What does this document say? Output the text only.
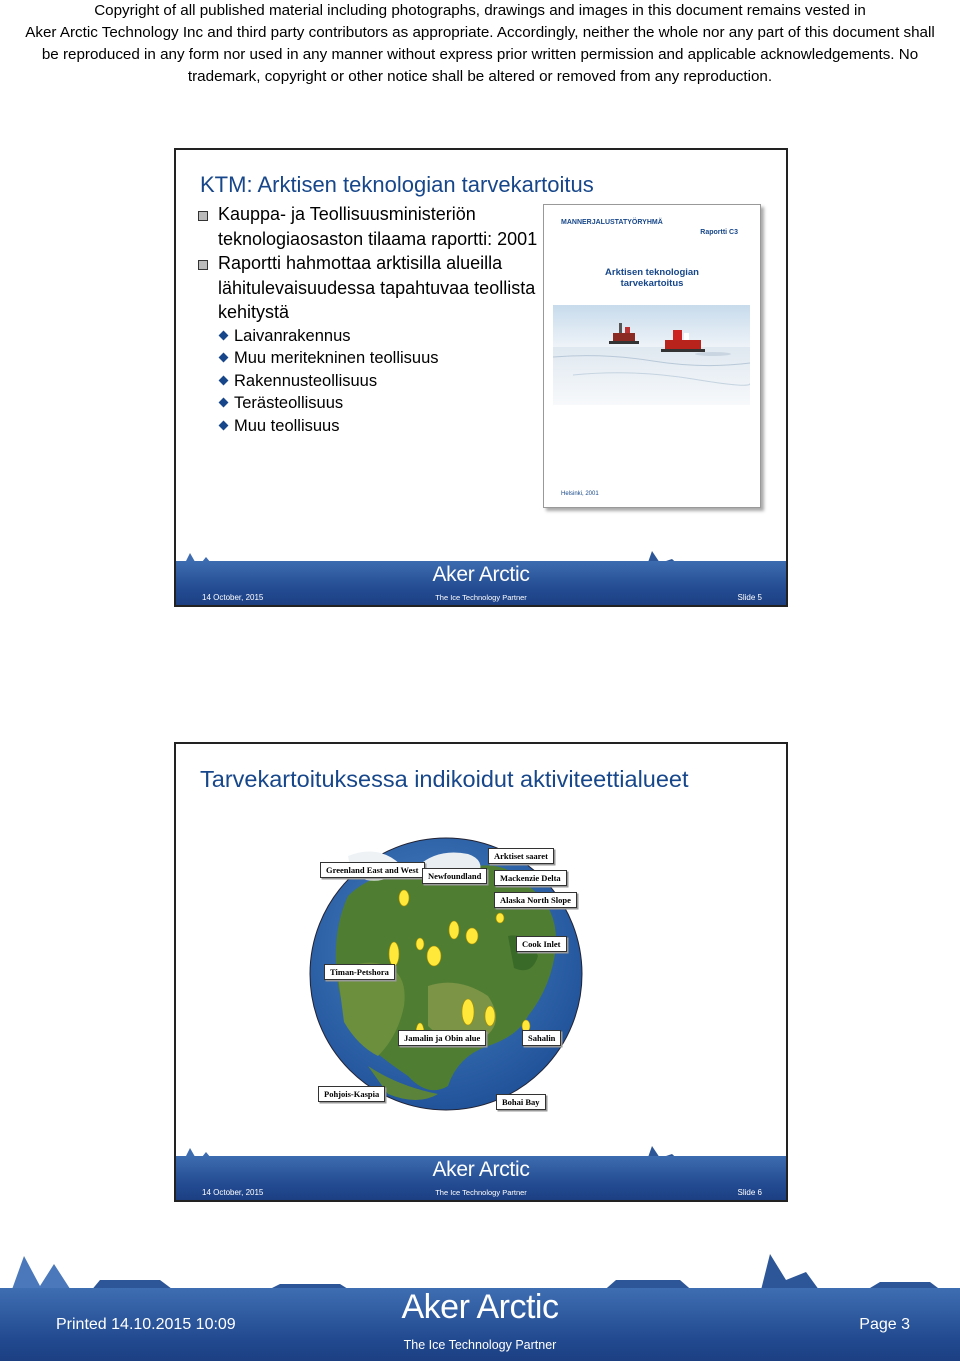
Copyright of all published material including photographs, drawings and images in this document remains vested in
Aker Arctic Technology Inc and third party contributors as appropriate. Accordingly, neither the whole nor any part of this document shall
be reproduced in any form nor used in any manner without express prior written permission and applicable acknowledgements. No
trademark, copyright or other notice shall be altered or removed from any reproduction.
KTM: Arktisen teknologian tarvekartoitus
Kauppa- ja Teollisuusministeriön teknologiaosaston tilaama raportti: 2001
Raportti hahmottaa arktisilla alueilla lähitulevaisuudessa tapahtuvaa teollista kehitystä
Laivanrakennus
Muu meritekninen teollisuus
Rakennusteollisuus
Terästeollisuus
Muu teollisuus
MANNERJALUSTATYÖRYHMÄ
Raportti C3
Arktisen teknologian
tarvekartoitus
Helsinki, 2001
Aker Arctic
The Ice Technology Partner
14 October, 2015	Slide 5
Tarvekartoituksessa indikoidut aktiviteettialueet
Arktiset saaret
Greenland East and West
Newfoundland	Mackenzie Delta
Alaska North Slope
Cook Inlet
Timan-Petshora
Jamalin ja Obin alue	Sahalin
Pohjois-Kaspia
Bohai Bay
Aker Arctic
The Ice Technology Partner
14 October, 2015	Slide 6
Aker Arctic
The Ice Technology Partner
Printed 14.10.2015 10:09	Page 3
